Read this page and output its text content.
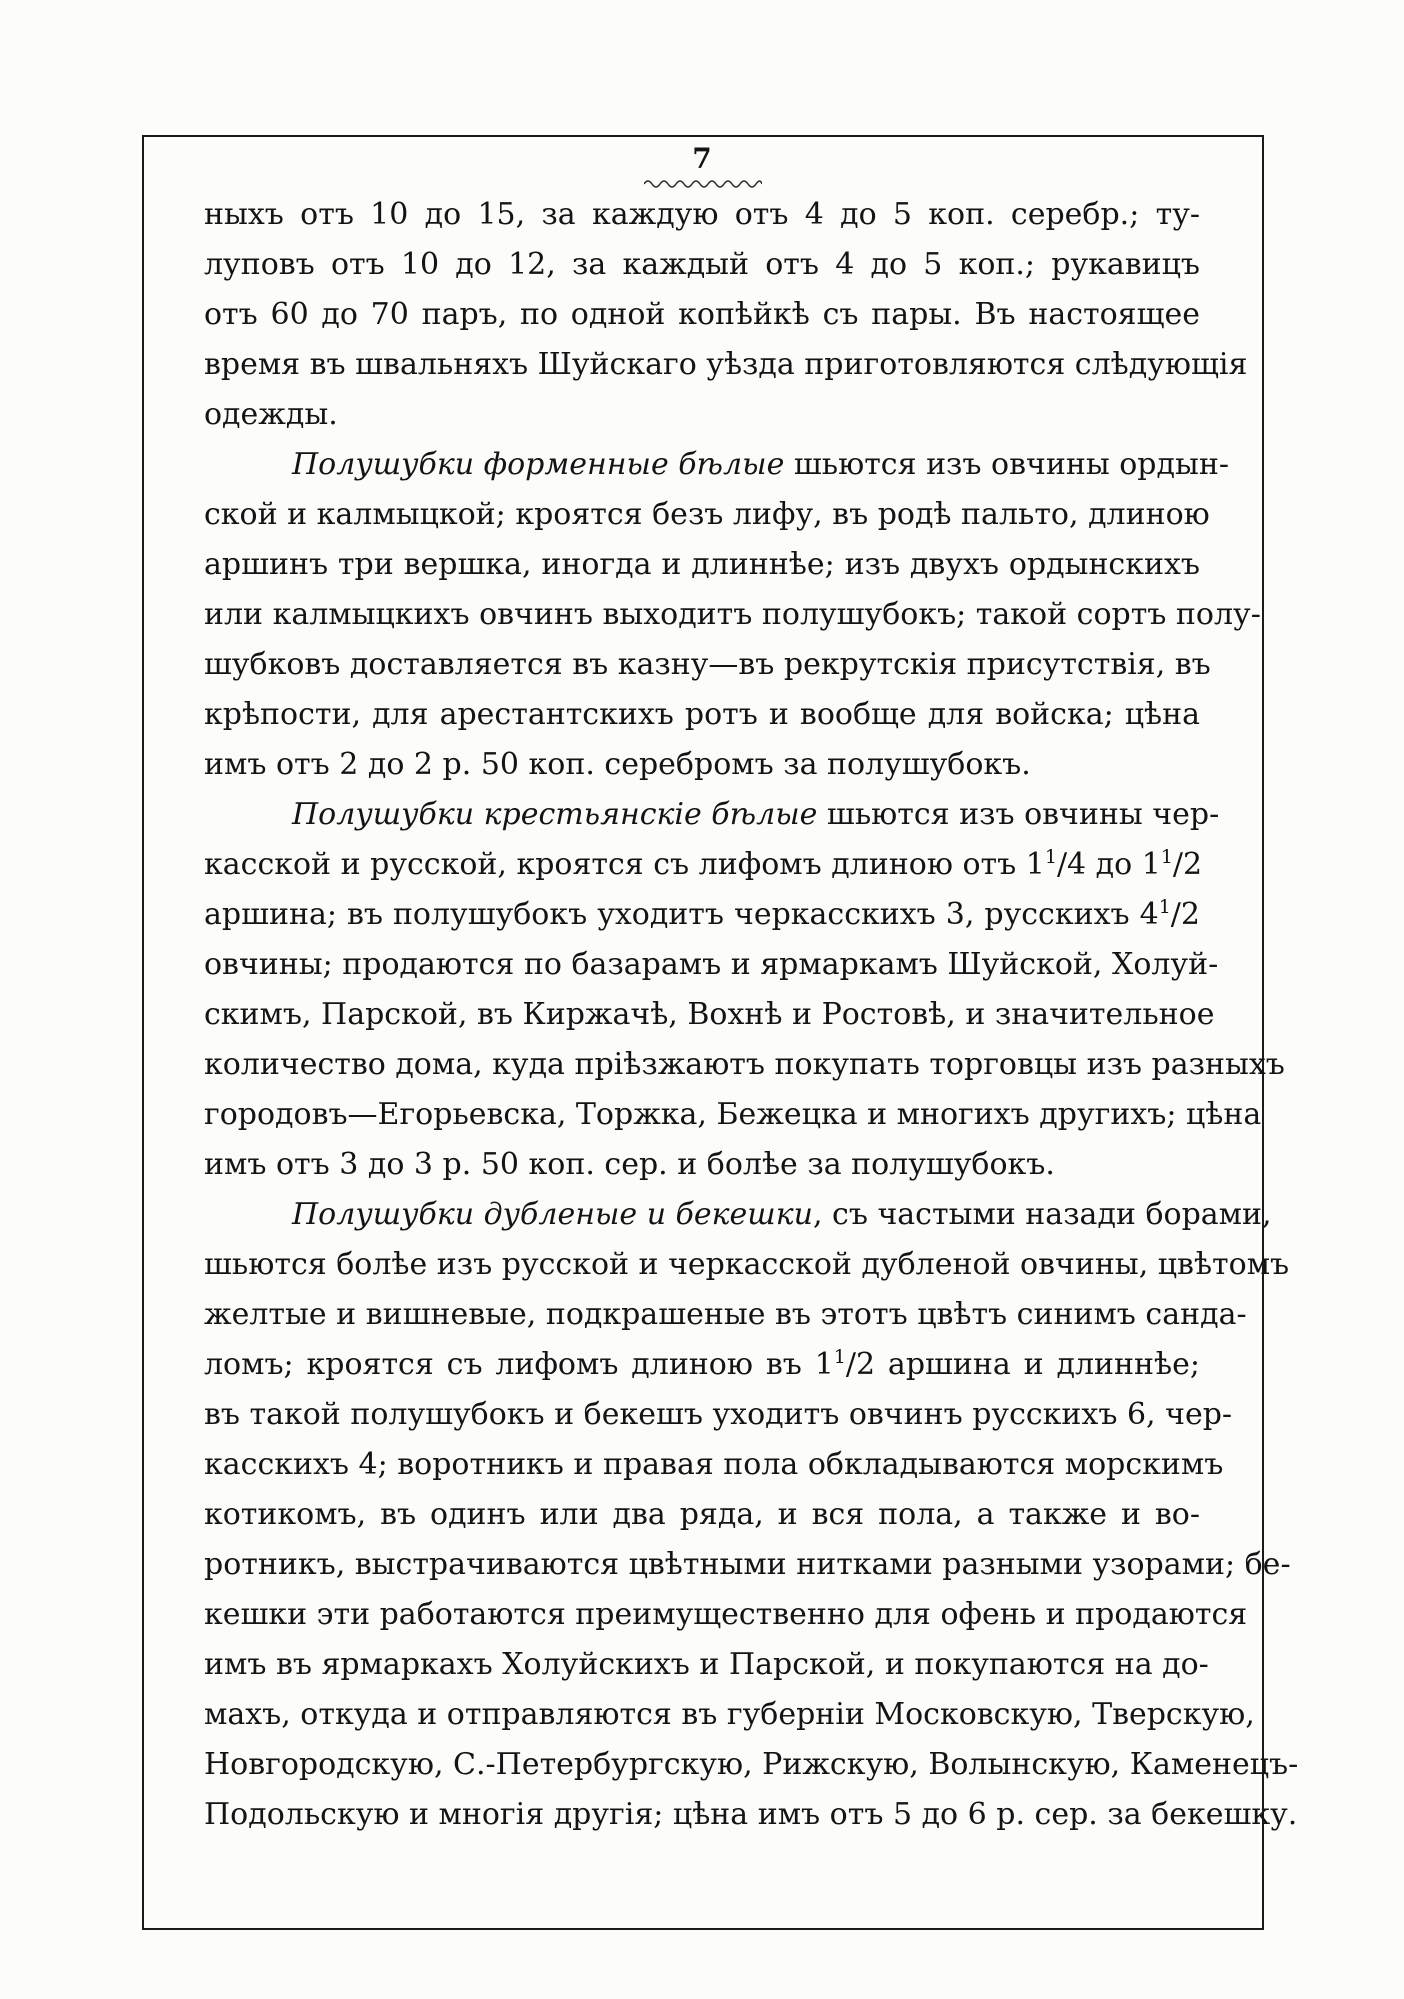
7
ныхъ отъ 10 до 15, за каждую отъ 4 до 5 коп. серебр.; ту-
луповъ отъ 10 до 12, за каждый отъ 4 до 5 коп.; рукавицъ
отъ 60 до 70 паръ, по одной копѣйкѣ съ пары. Въ настоящее
время въ швальняхъ Шуйскаго уѣзда приготовляются слѣдующія
одежды.
Полушубки форменные бѣлые шьются изъ овчины ордын-
ской и калмыцкой; кроятся безъ лифу, въ родѣ пальто, длиною
аршинъ три вершка, иногда и длиннѣе; изъ двухъ ордынскихъ
или калмыцкихъ овчинъ выходитъ полушубокъ; такой сортъ полу-
шубковъ доставляется въ казну—въ рекрутскія присутствія, въ
крѣпости, для арестантскихъ ротъ и вообще для войска; цѣна
имъ отъ 2 до 2 р. 50 коп. серебромъ за полушубокъ.
Полушубки крестьянскіе бѣлые шьются изъ овчины чер-
касской и русской, кроятся съ лифомъ длиною отъ $1^1/4$ до $1^1/2$
аршина; въ полушубокъ уходитъ черкасскихъ 3, русскихъ $4^1/2$
овчины; продаются по базарамъ и ярмаркамъ Шуйской, Холуй-
скимъ, Парской, въ Киржачѣ, Вохнѣ и Ростовѣ, и значительное
количество дома, куда пріѣзжаютъ покупать торговцы изъ разныхъ
городовъ—Егорьевска, Торжка, Бежецка и многихъ другихъ; цѣна
имъ отъ 3 до 3 р. 50 коп. сер. и болѣе за полушубокъ.
Полушубки дубленые и бекешки, съ частыми назади борами,
шьются болѣе изъ русской и черкасской дубленой овчины, цвѣтомъ
желтые и вишневые, подкрашеные въ этотъ цвѣтъ синимъ санда-
ломъ; кроятся съ лифомъ длиною въ $1^1/2$ аршина и длиннѣе;
въ такой полушубокъ и бекешъ уходитъ овчинъ русскихъ 6, чер-
касскихъ 4; воротникъ и правая пола обкладываются морскимъ
котикомъ, въ одинъ или два ряда, и вся пола, а также и во-
ротникъ, выстрачиваются цвѣтными нитками разными узорами; бе-
кешки эти работаются преимущественно для офень и продаются
имъ въ ярмаркахъ Холуйскихъ и Парской, и покупаются на до-
махъ, откуда и отправляются въ губерніи Московскую, Тверскую,
Новгородскую, С.-Петербургскую, Рижскую, Волынскую, Каменецъ-
Подольскую и многія другія; цѣна имъ отъ 5 до 6 р. сер. за бекешку.
